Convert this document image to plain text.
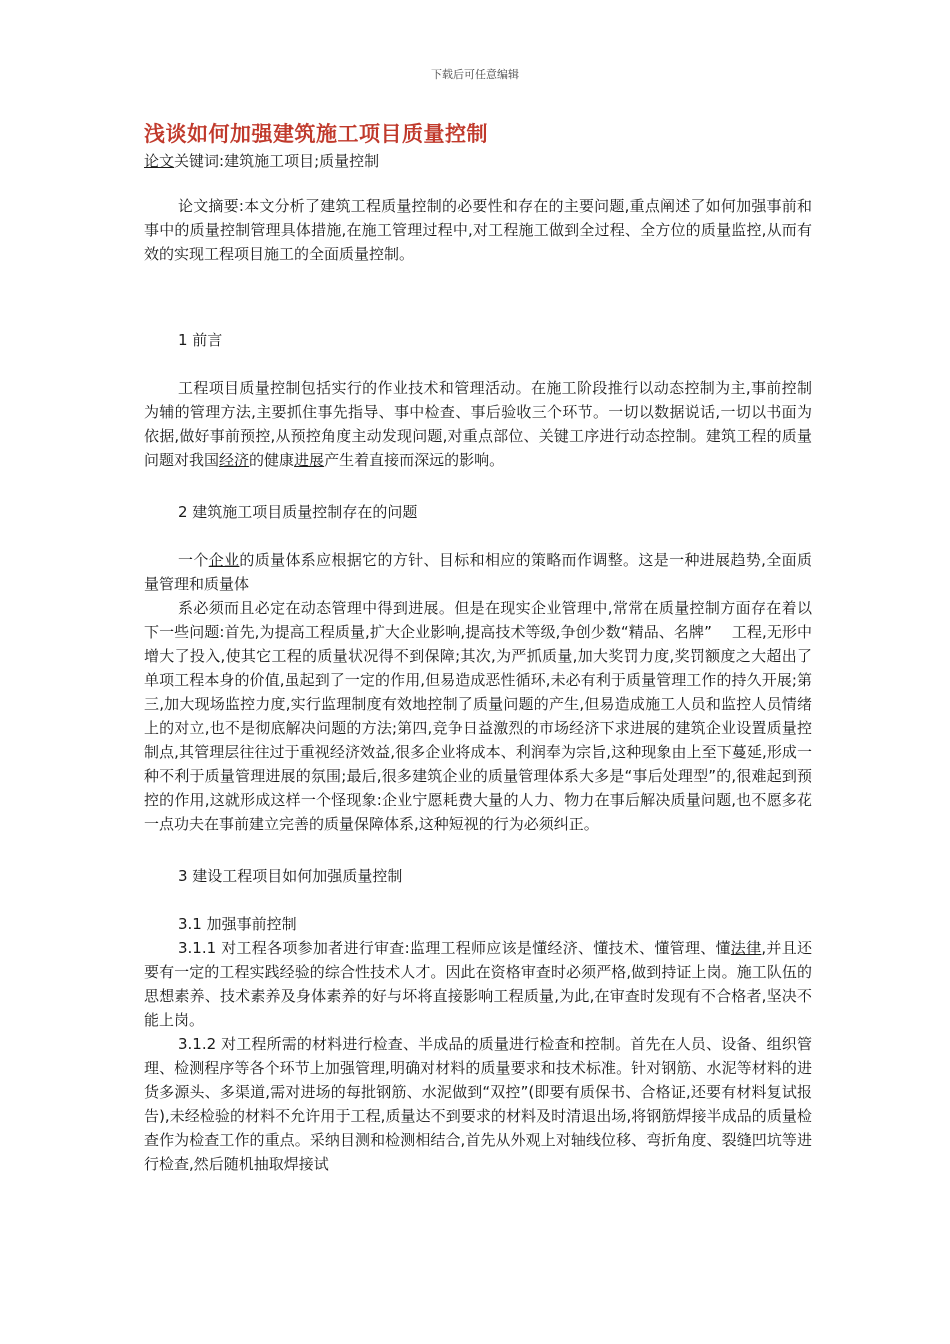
下载后可任意编辑
浅谈如何加强建筑施工项目质量控制
论文关键词:建筑施工项目;质量控制

论文摘要:本文分析了建筑工程质量控制的必要性和存在的主要问题,重点阐述了如何加强事前和事中的质量控制管理具体措施,在施工管理过程中,对工程施工做到全过程、全方位的质量监控,从而有效的实现工程项目施工的全面质量控制。

1 前言

工程项目质量控制包括实行的作业技术和管理活动。在施工阶段推行以动态控制为主,事前控制为辅的管理方法,主要抓住事先指导、事中检查、事后验收三个环节。一切以数据说话,一切以书面为依据,做好事前预控,从预控角度主动发现问题,对重点部位、关键工序进行动态控制。建筑工程的质量问题对我国经济的健康进展产生着直接而深远的影响。

2 建筑施工项目质量控制存在的问题

一个企业的质量体系应根据它的方针、目标和相应的策略而作调整。这是一种进展趋势,全面质量管理和质量体

系必须而且必定在动态管理中得到进展。但是在现实企业管理中,常常在质量控制方面存在着以下一些问题:首先,为提高工程质量,扩大企业影响,提高技术等级,争创少数“精品、名牌”　 工程,无形中增大了投入,使其它工程的质量状况得不到保障;其次,为严抓质量,加大奖罚力度,奖罚额度之大超出了单项工程本身的价值,虽起到了一定的作用,但易造成恶性循环,未必有利于质量管理工作的持久开展;第三,加大现场监控力度,实行监理制度有效地控制了质量问题的产生,但易造成施工人员和监控人员情绪上的对立,也不是彻底解决问题的方法;第四,竞争日益激烈的市场经济下求进展的建筑企业设置质量控制点,其管理层往往过于重视经济效益,很多企业将成本、利润奉为宗旨,这种现象由上至下蔓延,形成一种不利于质量管理进展的氛围;最后,很多建筑企业的质量管理体系大多是“事后处理型”的,很难起到预控的作用,这就形成这样一个怪现象:企业宁愿耗费大量的人力、物力在事后解决质量问题,也不愿多花一点功夫在事前建立完善的质量保障体系,这种短视的行为必须纠正。

3 建设工程项目如何加强质量控制
3.1 加强事前控制

3.1.1 对工程各项参加者进行审查:监理工程师应该是懂经济、懂技术、懂管理、懂法律,并且还要有一定的工程实践经验的综合性技术人才。因此在资格审查时必须严格,做到持证上岗。施工队伍的思想素养、技术素养及身体素养的好与坏将直接影响工程质量,为此,在审查时发现有不合格者,坚决不能上岗。

3.1.2 对工程所需的材料进行检查、半成品的质量进行检查和控制。首先在人员、设备、组织管理、检测程序等各个环节上加强管理,明确对材料的质量要求和技术标准。针对钢筋、水泥等材料的进货多源头、多渠道,需对进场的每批钢筋、水泥做到“双控”(即要有质保书、合格证,还要有材料复试报告),未经检验的材料不允许用于工程,质量达不到要求的材料及时清退出场,将钢筋焊接半成品的质量检查作为检查工作的重点。采纳目测和检测相结合,首先从外观上对轴线位移、弯折角度、裂缝凹坑等进行检查,然后随机抽取焊接试
